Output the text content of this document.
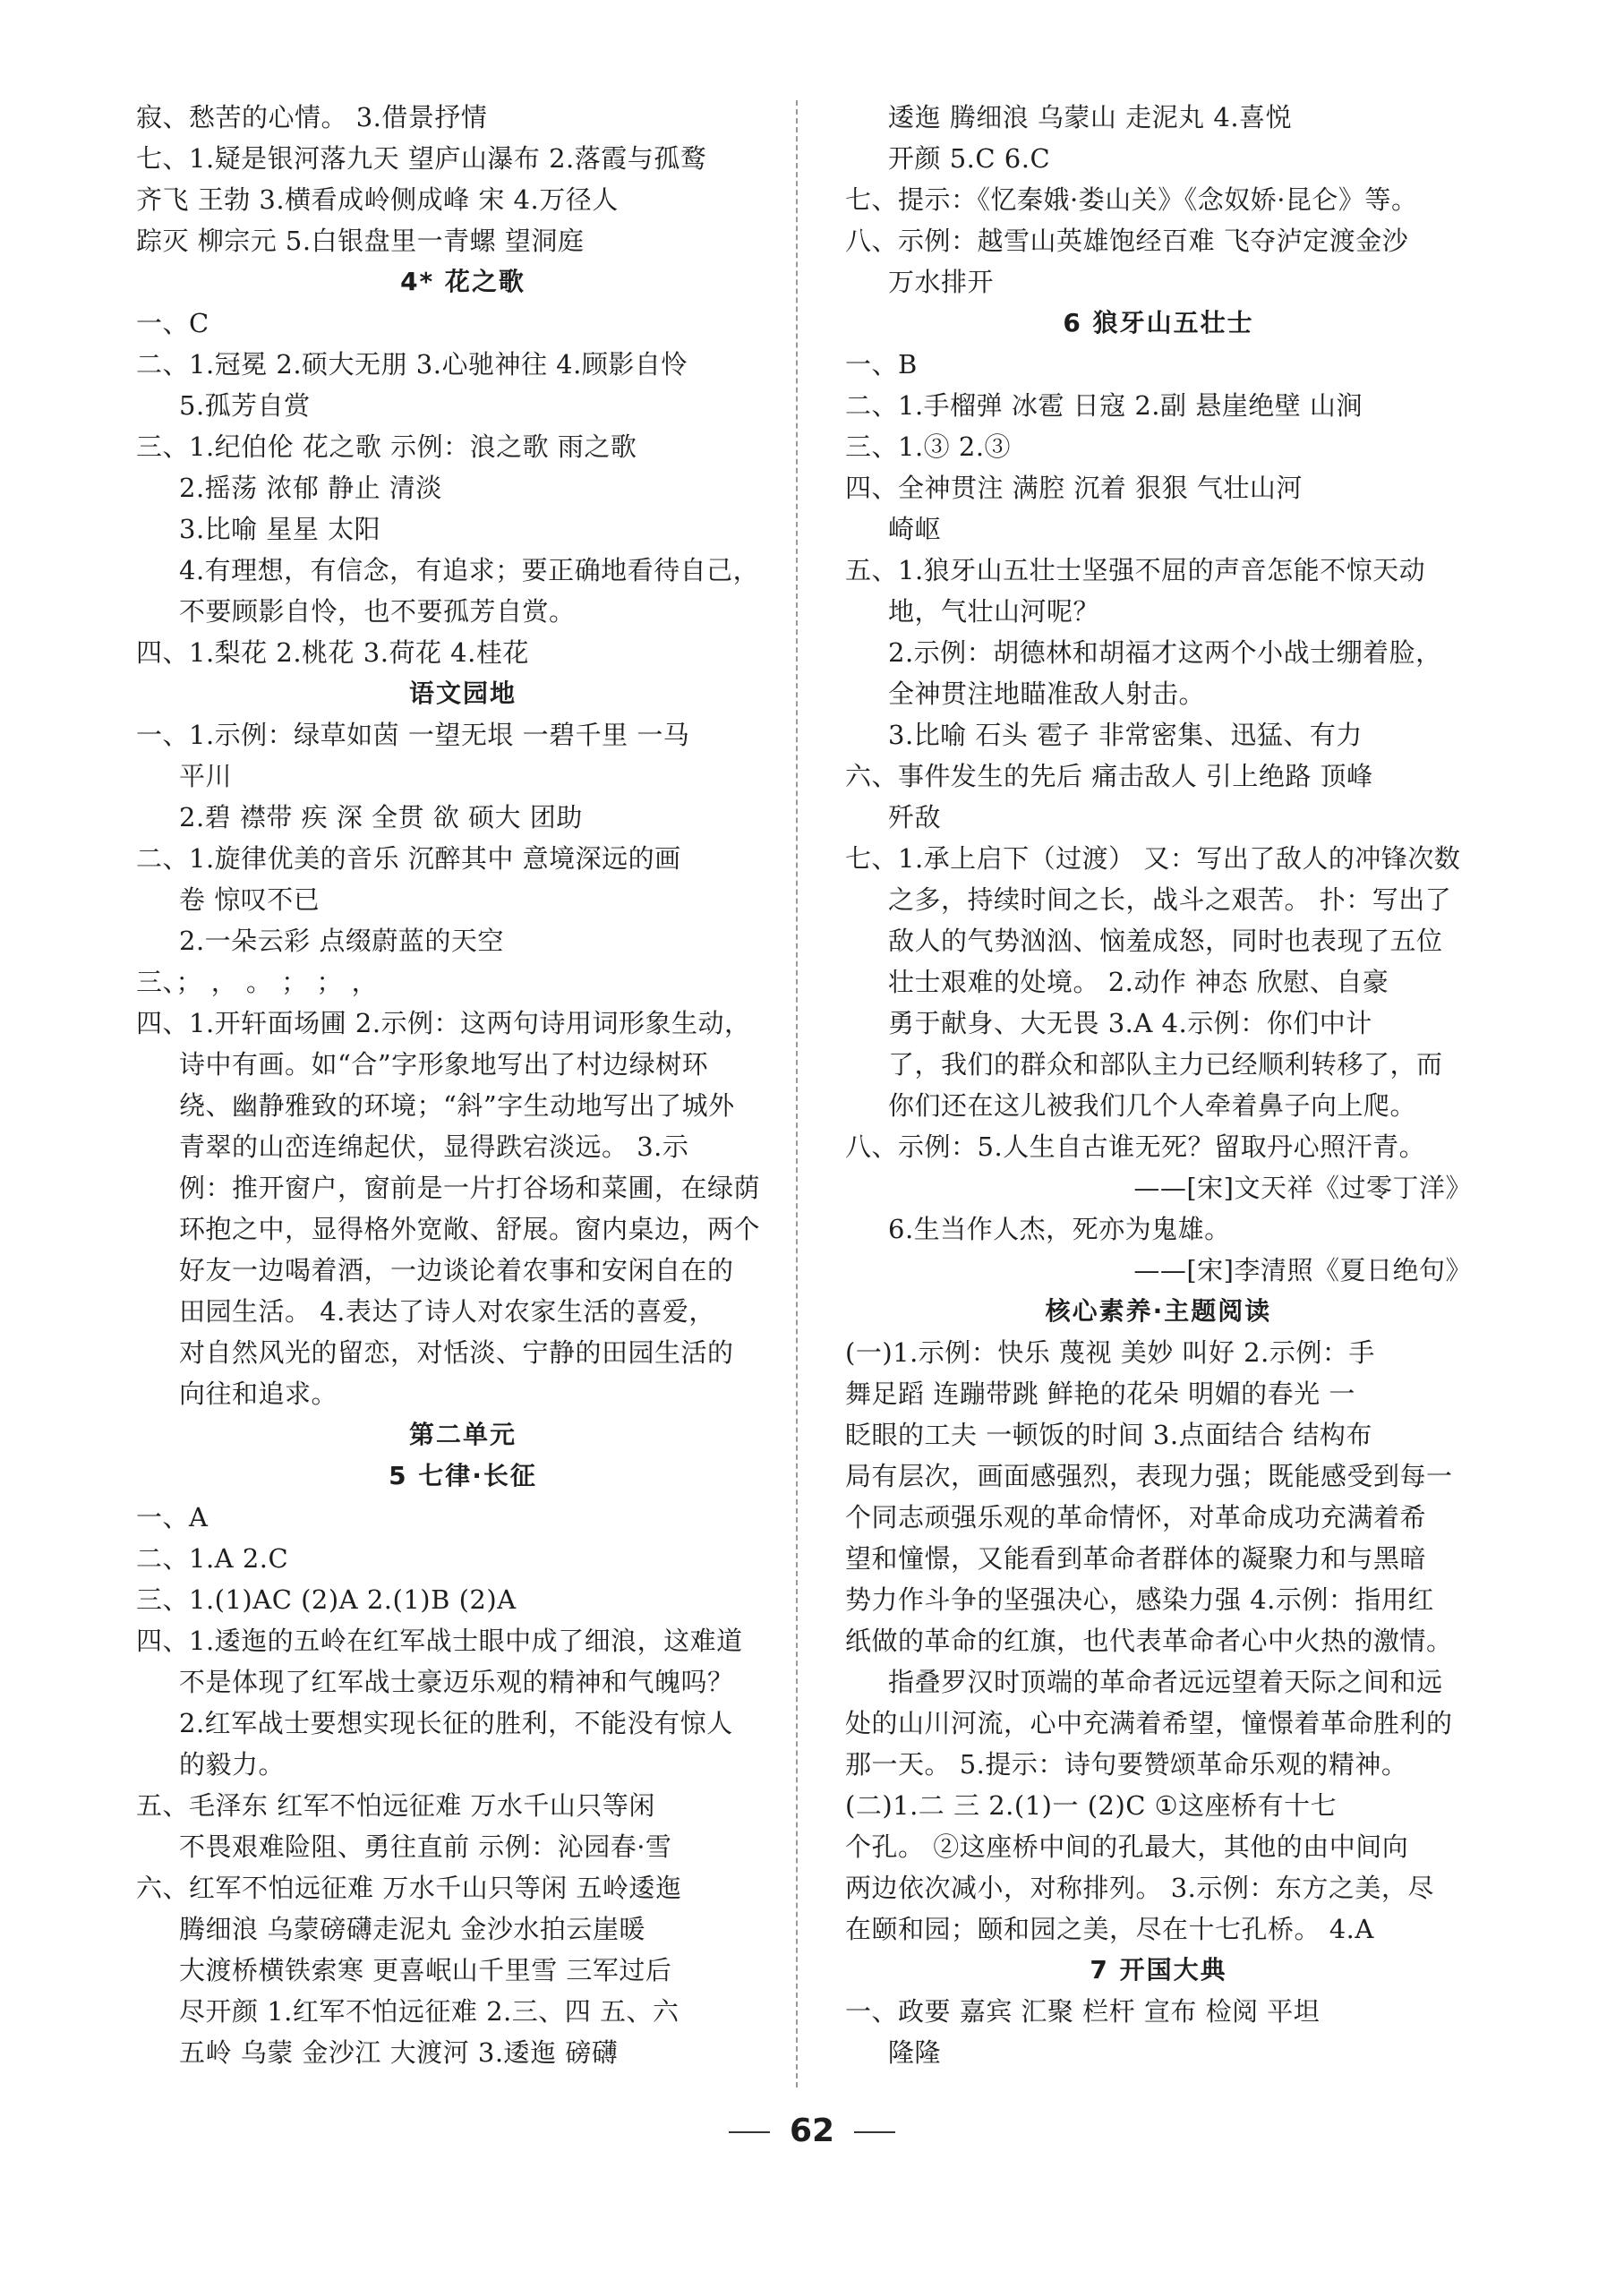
寂、愁苦的心情。 3.借景抒情
七、1.疑是银河落九天 望庐山瀑布 2.落霞与孤鹜
齐飞 王勃 3.横看成岭侧成峰 宋 4.万径人
踪灭 柳宗元 5.白银盘里一青螺 望洞庭
4* 花之歌
一、C
二、1.冠冕 2.硕大无朋 3.心驰神往 4.顾影自怜
5.孤芳自赏
三、1.纪伯伦 花之歌 示例：浪之歌 雨之歌
2.摇荡 浓郁 静止 清淡
3.比喻 星星 太阳
4.有理想，有信念，有追求；要正确地看待自己，
不要顾影自怜，也不要孤芳自赏。
四、1.梨花 2.桃花 3.荷花 4.桂花
语文园地
一、1.示例：绿草如茵 一望无垠 一碧千里 一马
平川
2.碧 襟带 疾 深 全贯 欲 硕大 团助
二、1.旋律优美的音乐 沉醉其中 意境深远的画
卷 惊叹不已
2.一朵云彩 点缀蔚蓝的天空
三、； ， 。 ； ； ，
四、1.开轩面场圃 2.示例：这两句诗用词形象生动，
诗中有画。如“合”字形象地写出了村边绿树环
绕、幽静雅致的环境；“斜”字生动地写出了城外
青翠的山峦连绵起伏，显得跌宕淡远。 3.示
例：推开窗户，窗前是一片打谷场和菜圃，在绿荫
环抱之中，显得格外宽敞、舒展。窗内桌边，两个
好友一边喝着酒，一边谈论着农事和安闲自在的
田园生活。 4.表达了诗人对农家生活的喜爱，
对自然风光的留恋，对恬淡、宁静的田园生活的
向往和追求。
第二单元
5 七律·长征
一、A
二、1.A 2.C
三、1.(1)AC (2)A 2.(1)B (2)A
四、1.逶迤的五岭在红军战士眼中成了细浪，这难道
不是体现了红军战士豪迈乐观的精神和气魄吗？
2.红军战士要想实现长征的胜利，不能没有惊人
的毅力。
五、毛泽东 红军不怕远征难 万水千山只等闲
不畏艰难险阻、勇往直前 示例：沁园春·雪
六、红军不怕远征难 万水千山只等闲 五岭逶迤
腾细浪 乌蒙磅礴走泥丸 金沙水拍云崖暖
大渡桥横铁索寒 更喜岷山千里雪 三军过后
尽开颜 1.红军不怕远征难 2.三、四 五、六
五岭 乌蒙 金沙江 大渡河 3.逶迤 磅礴
逶迤 腾细浪 乌蒙山 走泥丸 4.喜悦
开颜 5.C 6.C
七、提示：《忆秦娥·娄山关》《念奴娇·昆仑》等。
八、示例：越雪山英雄饱经百难 飞夺泸定渡金沙
万水排开
6 狼牙山五壮士
一、B
二、1.手榴弹 冰雹 日寇 2.副 悬崖绝壁 山涧
三、1.③ 2.③
四、全神贯注 满腔 沉着 狠狠 气壮山河
崎岖
五、1.狼牙山五壮士坚强不屈的声音怎能不惊天动
地，气壮山河呢？
2.示例：胡德林和胡福才这两个小战士绷着脸，
全神贯注地瞄准敌人射击。
3.比喻 石头 雹子 非常密集、迅猛、有力
六、事件发生的先后 痛击敌人 引上绝路 顶峰
歼敌
七、1.承上启下（过渡） 又：写出了敌人的冲锋次数
之多，持续时间之长，战斗之艰苦。 扑：写出了
敌人的气势汹汹、恼羞成怒，同时也表现了五位
壮士艰难的处境。 2.动作 神态 欣慰、自豪
勇于献身、大无畏 3.A 4.示例：你们中计
了，我们的群众和部队主力已经顺利转移了，而
你们还在这儿被我们几个人牵着鼻子向上爬。
八、示例：5.人生自古谁无死？留取丹心照汗青。
——[宋]文天祥《过零丁洋》
6.生当作人杰，死亦为鬼雄。
——[宋]李清照《夏日绝句》
核心素养·主题阅读
(一)1.示例：快乐 蔑视 美妙 叫好 2.示例：手
舞足蹈 连蹦带跳 鲜艳的花朵 明媚的春光 一
眨眼的工夫 一顿饭的时间 3.点面结合 结构布
局有层次，画面感强烈，表现力强；既能感受到每一
个同志顽强乐观的革命情怀，对革命成功充满着希
望和憧憬，又能看到革命者群体的凝聚力和与黑暗
势力作斗争的坚强决心，感染力强 4.示例：指用红
纸做的革命的红旗，也代表革命者心中火热的激情。
指叠罗汉时顶端的革命者远远望着天际之间和远
处的山川河流，心中充满着希望，憧憬着革命胜利的
那一天。 5.提示：诗句要赞颂革命乐观的精神。
(二)1.二 三 2.(1)一 (2)C ①这座桥有十七
个孔。 ②这座桥中间的孔最大，其他的由中间向
两边依次减小，对称排列。 3.示例：东方之美，尽
在颐和园；颐和园之美，尽在十七孔桥。 4.A
7 开国大典
一、政要 嘉宾 汇聚 栏杆 宣布 检阅 平坦
隆隆
62
